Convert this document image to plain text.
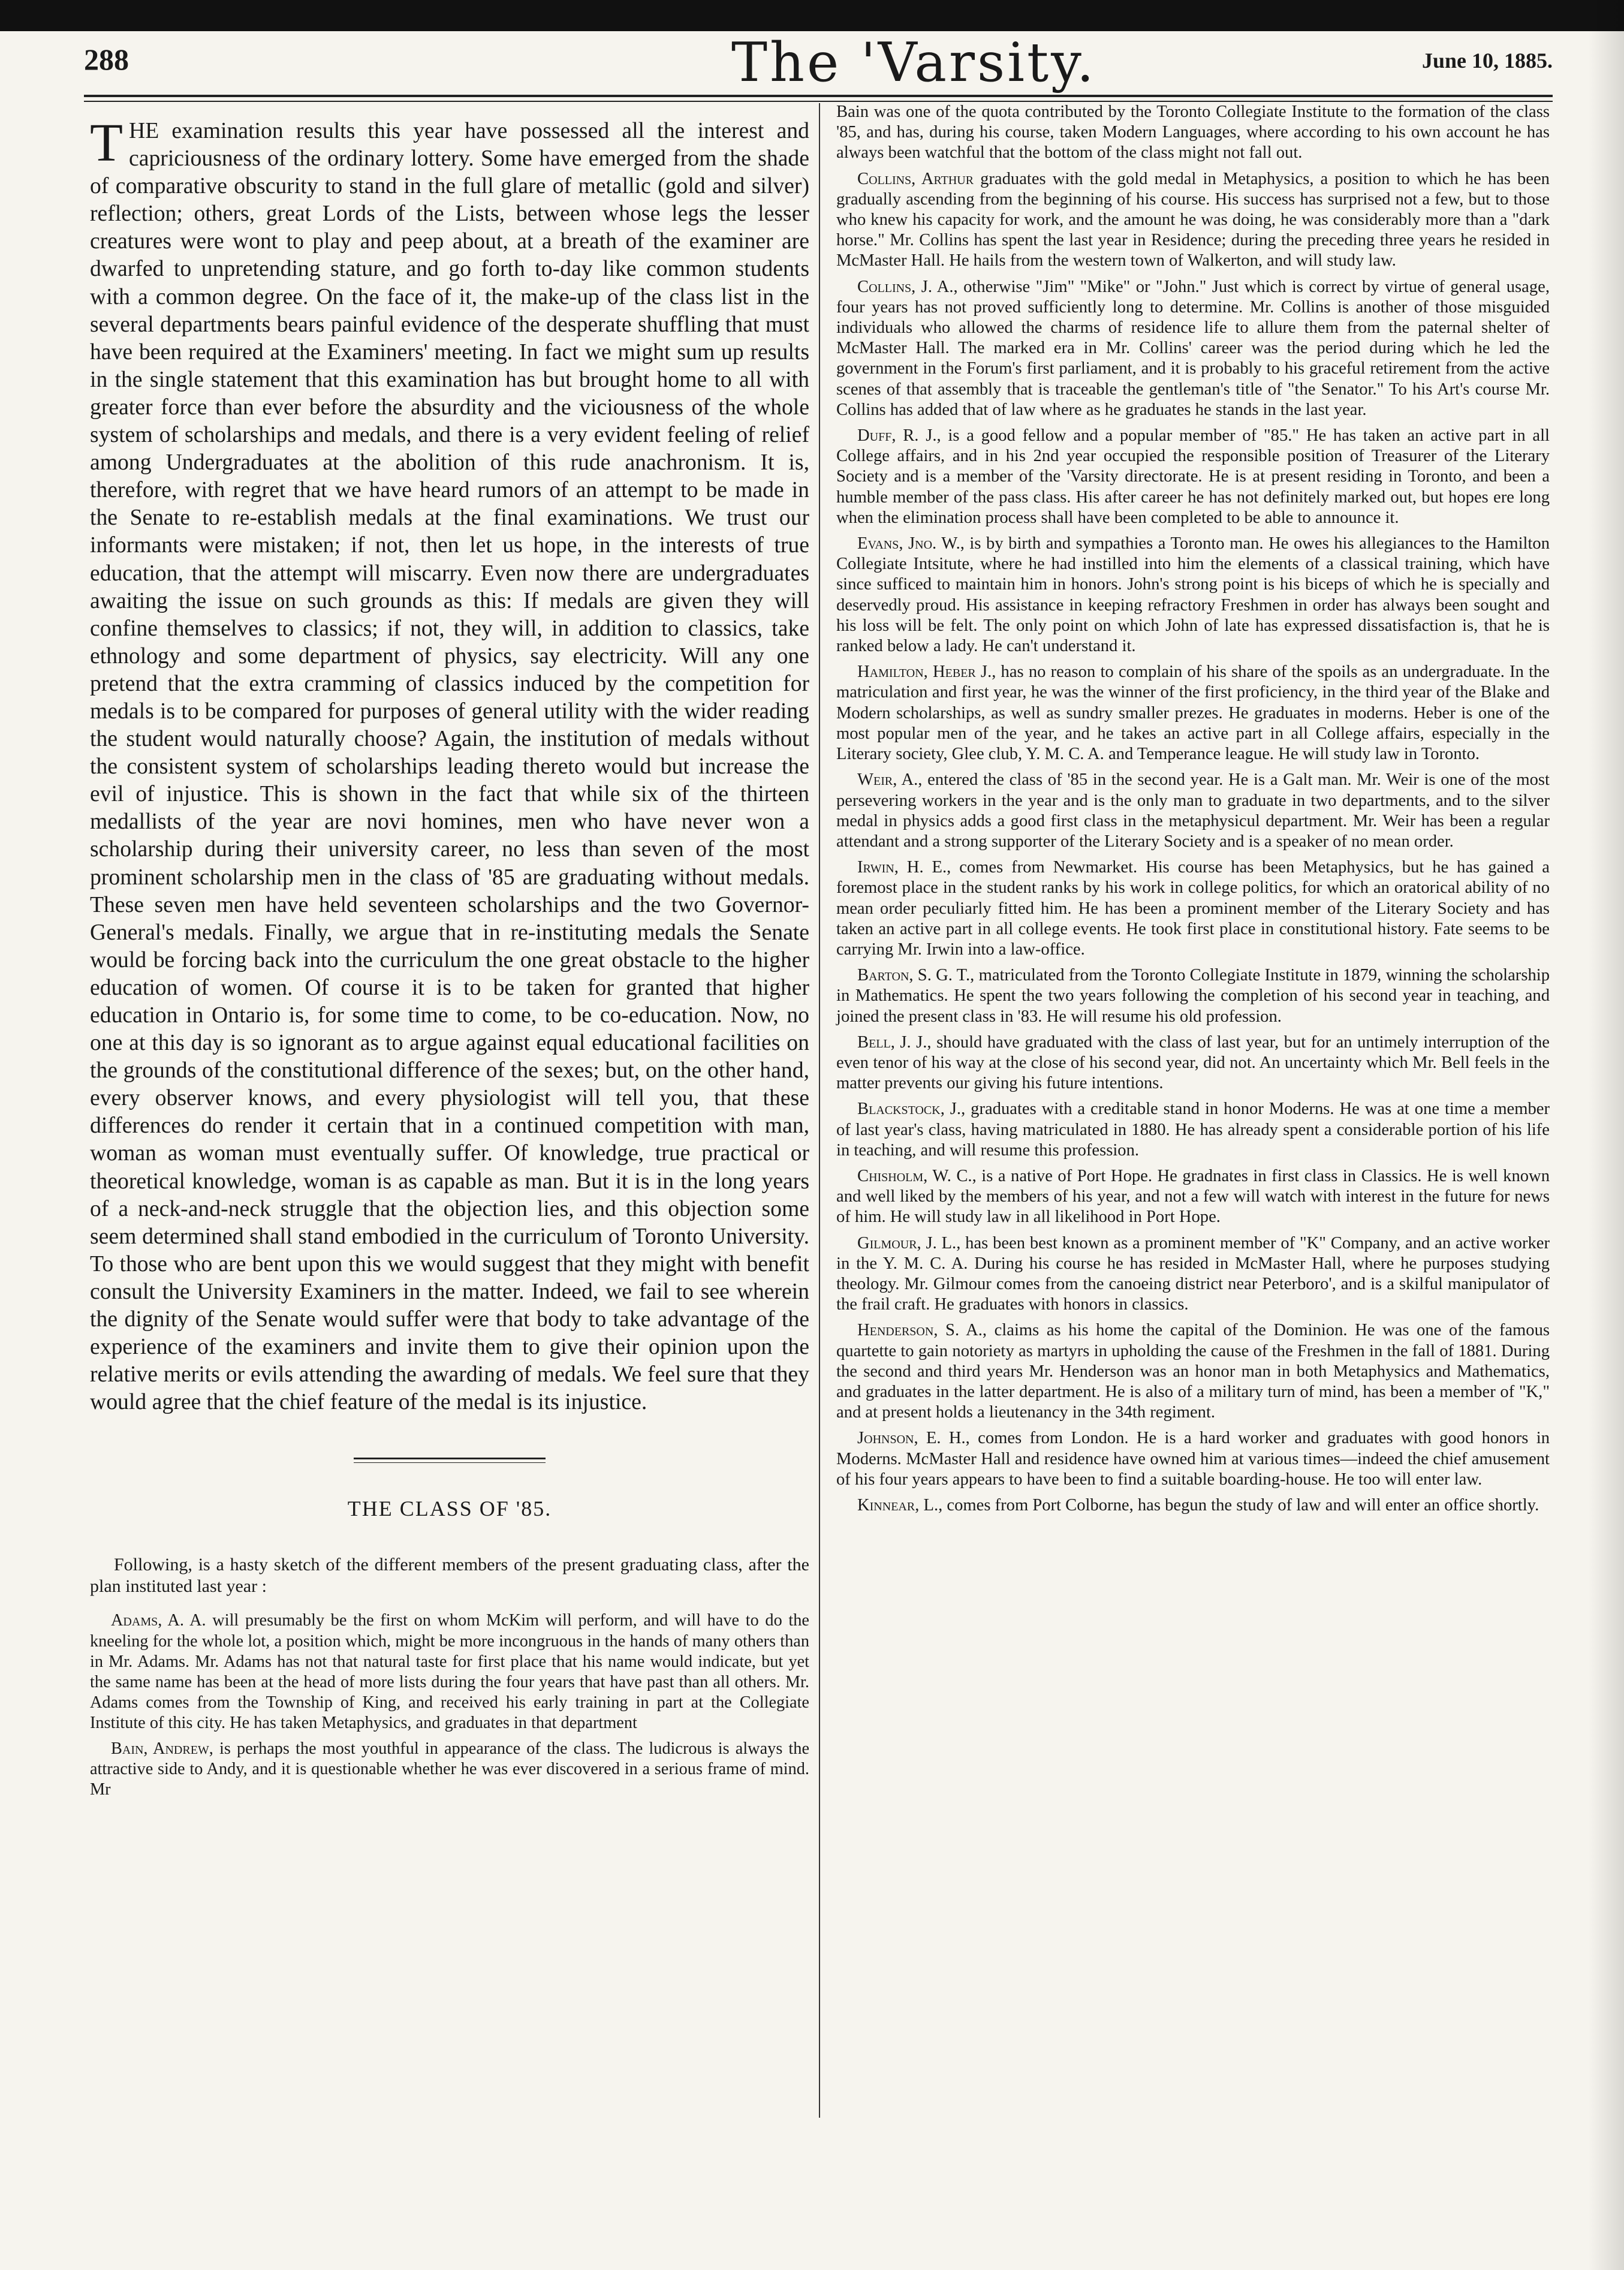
288	The 'Varsity.	June 10, 1885.

THE examination results this year have possessed all the interest and capriciousness of the ordinary lottery. Some have emerged from the shade of comparative obscurity to stand in the full glare of metallic (gold and silver) reflection; others, great Lords of the Lists, between whose legs the lesser creatures were wont to play and peep about, at a breath of the examiner are dwarfed to unpretending stature, and go forth to-day like common students with a common degree. On the face of it, the make-up of the class list in the several departments bears painful evidence of the desperate shuffling that must have been required at the Examiners' meeting. In fact we might sum up results in the single statement that this examination has but brought home to all with greater force than ever before the absurdity and the viciousness of the whole system of scholarships and medals, and there is a very evident feeling of relief among Undergraduates at the abolition of this rude anachronism. It is, therefore, with regret that we have heard rumors of an attempt to be made in the Senate to re-establish medals at the final examinations. We trust our informants were mistaken; if not, then let us hope, in the interests of true education, that the attempt will miscarry. Even now there are undergraduates awaiting the issue on such grounds as this: If medals are given they will confine themselves to classics; if not, they will, in addition to classics, take ethnology and some department of physics, say electricity. Will any one pretend that the extra cramming of classics induced by the competition for medals is to be compared for purposes of general utility with the wider reading the student would naturally choose? Again, the institution of medals without the consistent system of scholarships leading thereto would but increase the evil of injustice. This is shown in the fact that while six of the thirteen medallists of the year are novi homines, men who have never won a scholarship during their university career, no less than seven of the most prominent scholarship men in the class of '85 are graduating without medals. These seven men have held seventeen scholarships and the two Governor-General's medals. Finally, we argue that in re-instituting medals the Senate would be forcing back into the curriculum the one great obstacle to the higher education of women. Of course it is to be taken for granted that higher education in Ontario is, for some time to come, to be co-education. Now, no one at this day is so ignorant as to argue against equal educational facilities on the grounds of the constitutional difference of the sexes; but, on the other hand, every observer knows, and every physiologist will tell you, that these differences do render it certain that in a continued competition with man, woman as woman must eventually suffer. Of knowledge, true practical or theoretical knowledge, woman is as capable as man. But it is in the long years of a neck-and-neck struggle that the objection lies, and this objection some seem determined shall stand embodied in the curriculum of Toronto University. To those who are bent upon this we would suggest that they might with benefit consult the University Examiners in the matter. Indeed, we fail to see wherein the dignity of the Senate would suffer were that body to take advantage of the experience of the examiners and invite them to give their opinion upon the relative merits or evils attending the awarding of medals. We feel sure that they would agree that the chief feature of the medal is its injustice.

THE CLASS OF '85.

Following, is a hasty sketch of the different members of the present graduating class, after the plan instituted last year :

Adams, A. A. will presumably be the first on whom McKim will perform, and will have to do the kneeling for the whole lot, a position which, might be more incongruous in the hands of many others than in Mr. Adams. Mr. Adams has not that natural taste for first place that his name would indicate, but yet the same name has been at the head of more lists during the four years that have past than all others. Mr. Adams comes from the Township of King, and received his early training in part at the Collegiate Institute of this city. He has taken Metaphysics, and graduates in that department

Bain, Andrew, is perhaps the most youthful in appearance of the class. The ludicrous is always the attractive side to Andy, and it is questionable whether he was ever discovered in a serious frame of mind. Mr

Bain was one of the quota contributed by the Toronto Collegiate Institute to the formation of the class '85, and has, during his course, taken Modern Languages, where according to his own account he has always been watchful that the bottom of the class might not fall out.

Collins, Arthur graduates with the gold medal in Metaphysics, a position to which he has been gradually ascending from the beginning of his course. His success has surprised not a few, but to those who knew his capacity for work, and the amount he was doing, he was considerably more than a "dark horse." Mr. Collins has spent the last year in Residence; during the preceding three years he resided in McMaster Hall. He hails from the western town of Walkerton, and will study law.

Collins, J. A., otherwise "Jim" "Mike" or "John." Just which is correct by virtue of general usage, four years has not proved sufficiently long to determine. Mr. Collins is another of those misguided individuals who allowed the charms of residence life to allure them from the paternal shelter of McMaster Hall. The marked era in Mr. Collins' career was the period during which he led the government in the Forum's first parliament, and it is probably to his graceful retirement from the active scenes of that assembly that is traceable the gentleman's title of "the Senator." To his Art's course Mr. Collins has added that of law where as he graduates he stands in the last year.

Duff, R. J., is a good fellow and a popular member of "85." He has taken an active part in all College affairs, and in his 2nd year occupied the responsible position of Treasurer of the Literary Society and is a member of the 'Varsity directorate. He is at present residing in Toronto, and been a humble member of the pass class. His after career he has not definitely marked out, but hopes ere long when the elimination process shall have been completed to be able to announce it.

Evans, Jno. W., is by birth and sympathies a Toronto man. He owes his allegiances to the Hamilton Collegiate Intsitute, where he had instilled into him the elements of a classical training, which have since sufficed to maintain him in honors. John's strong point is his biceps of which he is specially and deservedly proud. His assistance in keeping refractory Freshmen in order has always been sought and his loss will be felt. The only point on which John of late has expressed dissatisfaction is, that he is ranked below a lady. He can't understand it.

Hamilton, Heber J., has no reason to complain of his share of the spoils as an undergraduate. In the matriculation and first year, he was the winner of the first proficiency, in the third year of the Blake and Modern scholarships, as well as sundry smaller prezes. He graduates in moderns. Heber is one of the most popular men of the year, and he takes an active part in all College affairs, especially in the Literary society, Glee club, Y. M. C. A. and Temperance league. He will study law in Toronto.

Weir, A., entered the class of '85 in the second year. He is a Galt man. Mr. Weir is one of the most persevering workers in the year and is the only man to graduate in two departments, and to the silver medal in physics adds a good first class in the metaphysicul department. Mr. Weir has been a regular attendant and a strong supporter of the Literary Society and is a speaker of no mean order.

Irwin, H. E., comes from Newmarket. His course has been Metaphysics, but he has gained a foremost place in the student ranks by his work in college politics, for which an oratorical ability of no mean order peculiarly fitted him. He has been a prominent member of the Literary Society and has taken an active part in all college events. He took first place in constitutional history. Fate seems to be carrying Mr. Irwin into a law-office.

Barton, S. G. T., matriculated from the Toronto Collegiate Institute in 1879, winning the scholarship in Mathematics. He spent the two years following the completion of his second year in teaching, and joined the present class in '83. He will resume his old profession.

Bell, J. J., should have graduated with the class of last year, but for an untimely interruption of the even tenor of his way at the close of his second year, did not. An uncertainty which Mr. Bell feels in the matter prevents our giving his future intentions.

Blackstock, J., graduates with a creditable stand in honor Moderns. He was at one time a member of last year's class, having matriculated in 1880. He has already spent a considerable portion of his life in teaching, and will resume this profession.

Chisholm, W. C., is a native of Port Hope. He gradnates in first class in Classics. He is well known and well liked by the members of his year, and not a few will watch with interest in the future for news of him. He will study law in all likelihood in Port Hope.

Gilmour, J. L., has been best known as a prominent member of "K" Company, and an active worker in the Y. M. C. A. During his course he has resided in McMaster Hall, where he purposes studying theology. Mr. Gilmour comes from the canoeing district near Peterboro', and is a skilful manipulator of the frail craft. He graduates with honors in classics.

Henderson, S. A., claims as his home the capital of the Dominion. He was one of the famous quartette to gain notoriety as martyrs in upholding the cause of the Freshmen in the fall of 1881. During the second and third years Mr. Henderson was an honor man in both Metaphysics and Mathematics, and graduates in the latter department. He is also of a military turn of mind, has been a member of "K," and at present holds a lieutenancy in the 34th regiment.

Johnson, E. H., comes from London. He is a hard worker and graduates with good honors in Moderns. McMaster Hall and residence have owned him at various times—indeed the chief amusement of his four years appears to have been to find a suitable boarding-house. He too will enter law.

Kinnear, L., comes from Port Colborne, has begun the study of law and will enter an office shortly.
